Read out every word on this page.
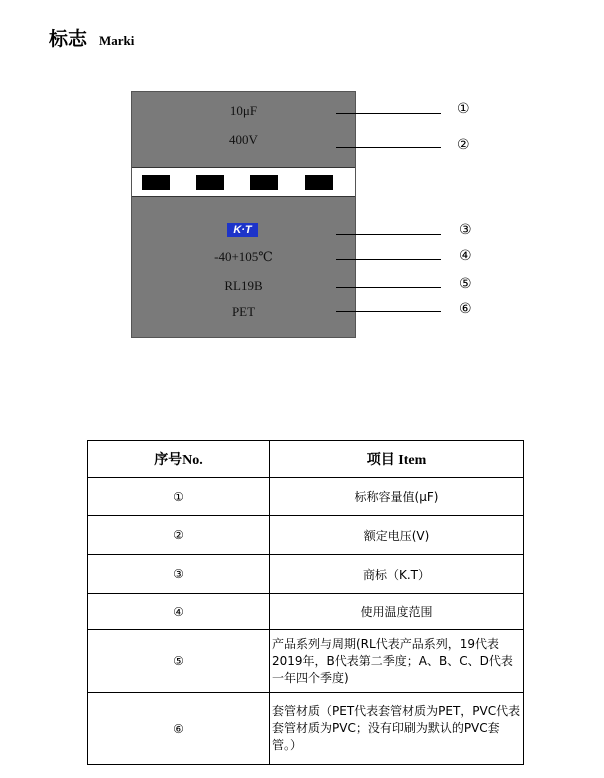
标志 Marki
10μF
400V
K·T
-40+105℃
RL19B
PET
①
②
③
④
⑤
⑥
序号No.	项目 Item
①	标称容量值(μF)
②	额定电压(V)
③	商标（K.T）
④	使用温度范围
⑤	产品系列与周期(RL代表产品系列，19代表2019年，B代表第二季度；A、B、C、D代表一年四个季度)
⑥	套管材质（PET代表套管材质为PET，PVC代表套管材质为PVC；没有印刷为默认的PVC套管。）
